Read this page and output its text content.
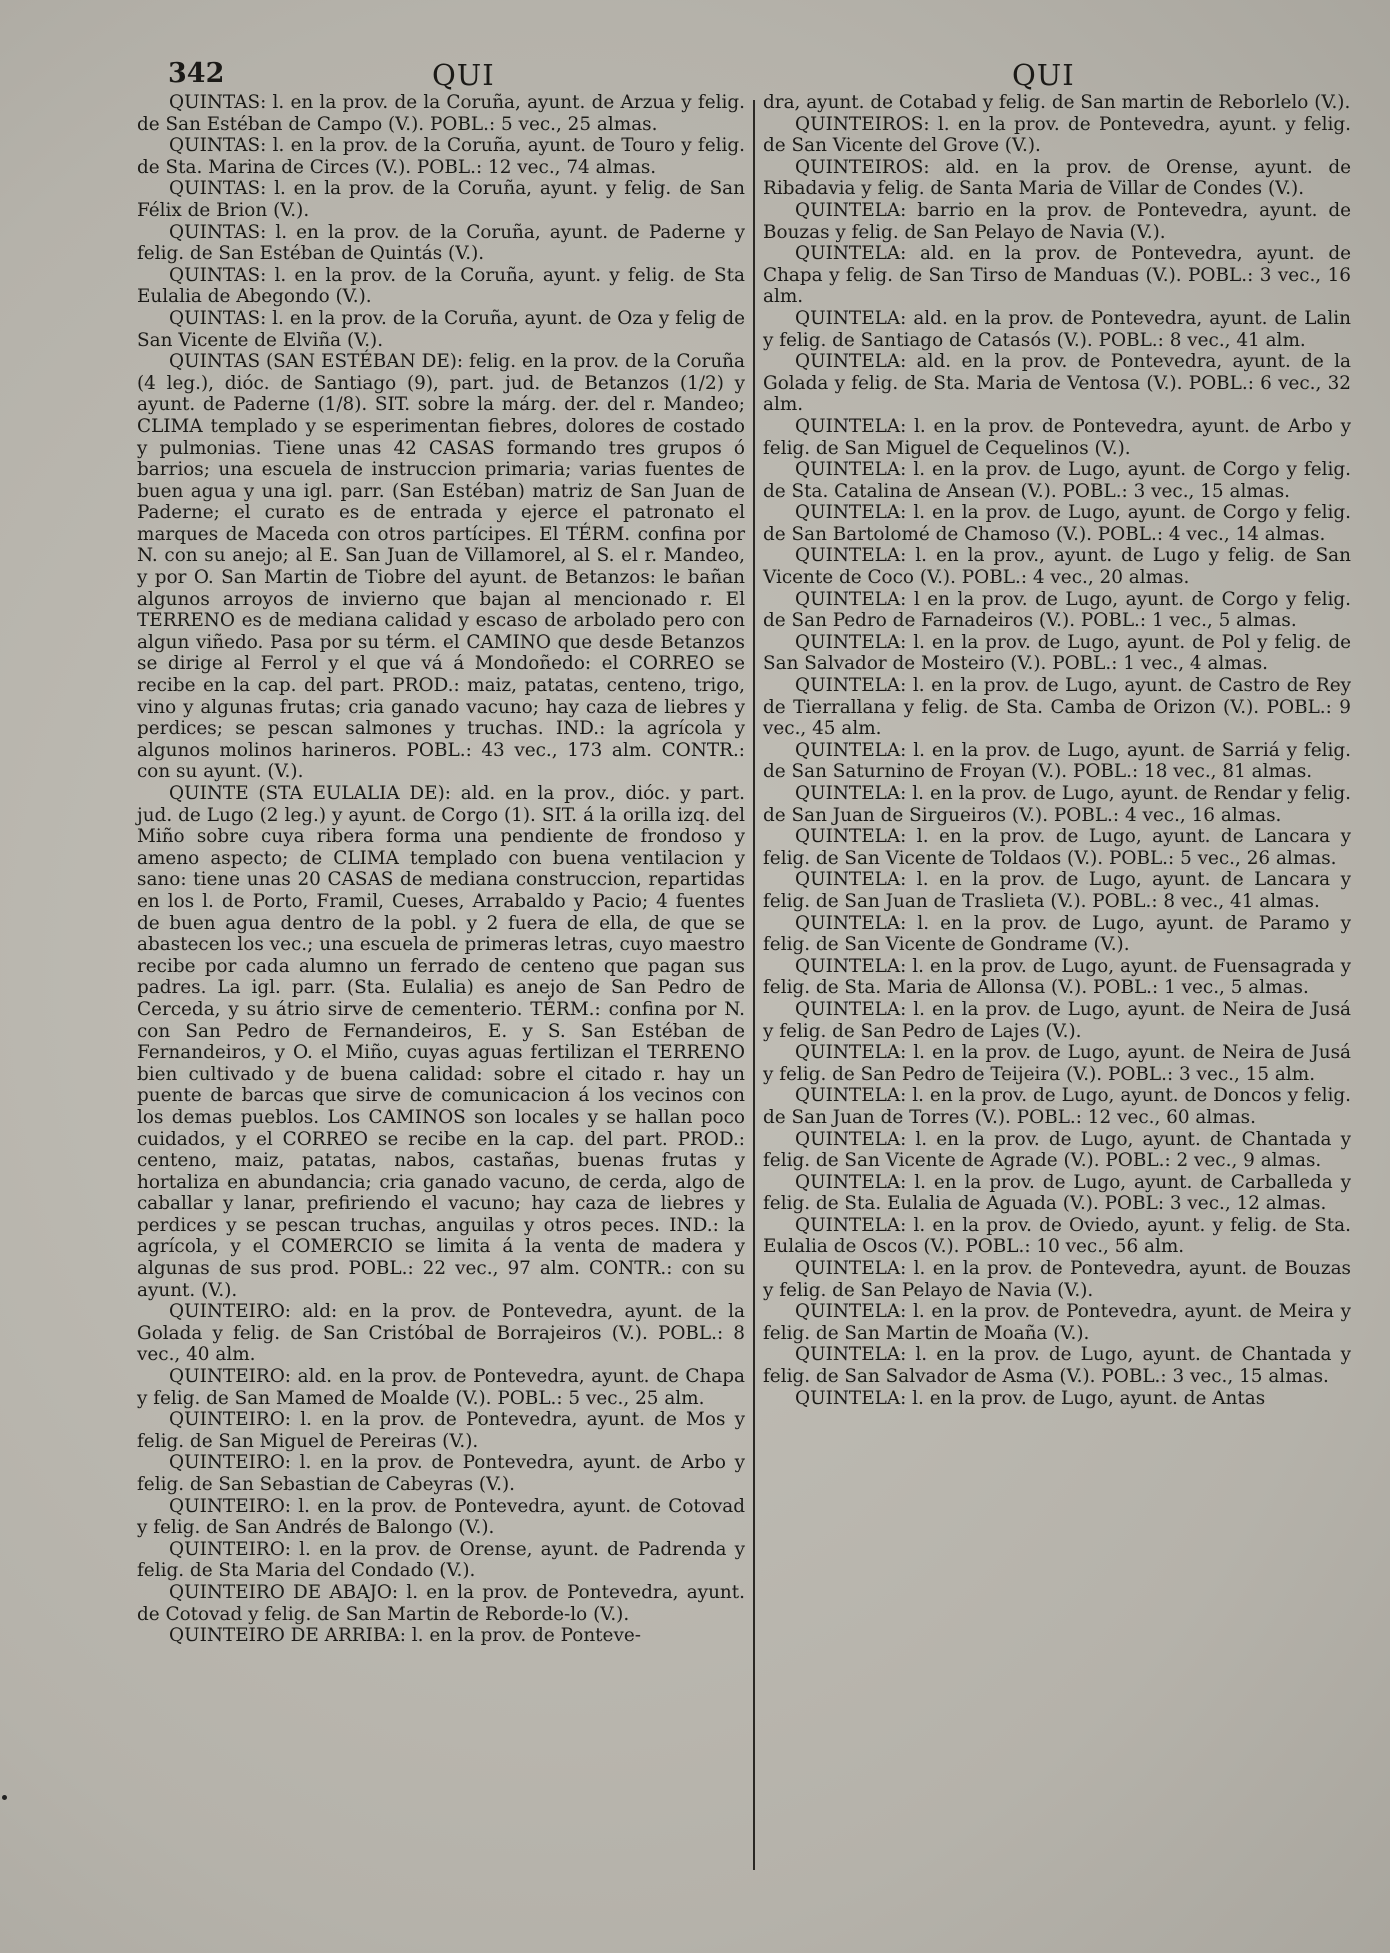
342	QUI	QUI

QUINTAS: l. en la prov. de la Coruña, ayunt. de Arzua y felig. de San Estéban de Campo (V.). POBL.: 5 vec., 25 almas.

QUINTAS: l. en la prov. de la Coruña, ayunt. de Touro y felig. de Sta. Marina de Circes (V.). POBL.: 12 vec., 74 almas.

QUINTAS: l. en la prov. de la Coruña, ayunt. y felig. de San Félix de Brion (V.).

QUINTAS: l. en la prov. de la Coruña, ayunt. de Paderne y felig. de San Estéban de Quintás (V.).

QUINTAS: l. en la prov. de la Coruña, ayunt. y felig. de Sta Eulalia de Abegondo (V.).

QUINTAS: l. en la prov. de la Coruña, ayunt. de Oza y felig de San Vicente de Elviña (V.).

QUINTAS (SAN ESTÉBAN DE): felig. en la prov. de la Coruña (4 leg.), dióc. de Santiago (9), part. jud. de Betanzos (1/2) y ayunt. de Paderne (1/8). SIT. sobre la márg. der. del r. Mandeo; CLIMA templado y se esperimentan fiebres, dolores de costado y pulmonias. Tiene unas 42 CASAS formando tres grupos ó barrios; una escuela de instruccion primaria; varias fuentes de buen agua y una igl. parr. (San Estéban) matriz de San Juan de Paderne; el curato es de entrada y ejerce el patronato el marques de Maceda con otros partícipes. El TÉRM. confina por N. con su anejo; al E. San Juan de Villamorel, al S. el r. Mandeo, y por O. San Martin de Tiobre del ayunt. de Betanzos: le bañan algunos arroyos de invierno que bajan al mencionado r. El TERRENO es de mediana calidad y escaso de arbolado pero con algun viñedo. Pasa por su térm. el CAMINO que desde Betanzos se dirige al Ferrol y el que vá á Mondoñedo: el CORREO se recibe en la cap. del part. PROD.: maiz, patatas, centeno, trigo, vino y algunas frutas; cria ganado vacuno; hay caza de liebres y perdices; se pescan salmones y truchas. IND.: la agrícola y algunos molinos harineros. POBL.: 43 vec., 173 alm. CONTR.: con su ayunt. (V.).

QUINTE (STA EULALIA DE): ald. en la prov., dióc. y part. jud. de Lugo (2 leg.) y ayunt. de Corgo (1). SIT. á la orilla izq. del Miño sobre cuya ribera forma una pendiente de frondoso y ameno aspecto; de CLIMA templado con buena ventilacion y sano: tiene unas 20 CASAS de mediana construccion, repartidas en los l. de Porto, Framil, Cueses, Arrabaldo y Pacio; 4 fuentes de buen agua dentro de la pobl. y 2 fuera de ella, de que se abastecen los vec.; una escuela de primeras letras, cuyo maestro recibe por cada alumno un ferrado de centeno que pagan sus padres. La igl. parr. (Sta. Eulalia) es anejo de San Pedro de Cerceda, y su átrio sirve de cementerio. TÉRM.: confina por N. con San Pedro de Fernandeiros, E. y S. San Estéban de Fernandeiros, y O. el Miño, cuyas aguas fertilizan el TERRENO bien cultivado y de buena calidad: sobre el citado r. hay un puente de barcas que sirve de comunicacion á los vecinos con los demas pueblos. Los CAMINOS son locales y se hallan poco cuidados, y el CORREO se recibe en la cap. del part. PROD.: centeno, maiz, patatas, nabos, castañas, buenas frutas y hortaliza en abundancia; cria ganado vacuno, de cerda, algo de caballar y lanar, prefiriendo el vacuno; hay caza de liebres y perdices y se pescan truchas, anguilas y otros peces. IND.: la agrícola, y el COMERCIO se limita á la venta de madera y algunas de sus prod. POBL.: 22 vec., 97 alm. CONTR.: con su ayunt. (V.).

QUINTEIRO: ald: en la prov. de Pontevedra, ayunt. de la Golada y felig. de San Cristóbal de Borrajeiros (V.). POBL.: 8 vec., 40 alm.

QUINTEIRO: ald. en la prov. de Pontevedra, ayunt. de Chapa y felig. de San Mamed de Moalde (V.). POBL.: 5 vec., 25 alm.

QUINTEIRO: l. en la prov. de Pontevedra, ayunt. de Mos y felig. de San Miguel de Pereiras (V.).

QUINTEIRO: l. en la prov. de Pontevedra, ayunt. de Arbo y felig. de San Sebastian de Cabeyras (V.).

QUINTEIRO: l. en la prov. de Pontevedra, ayunt. de Cotovad y felig. de San Andrés de Balongo (V.).

QUINTEIRO: l. en la prov. de Orense, ayunt. de Padrenda y felig. de Sta Maria del Condado (V.).

QUINTEIRO DE ABAJO: l. en la prov. de Pontevedra, ayunt. de Cotovad y felig. de San Martin de Reborde-lo (V.).

QUINTEIRO DE ARRIBA: l. en la prov. de Ponteve-

dra, ayunt. de Cotabad y felig. de San martin de Reborlelo (V.).

QUINTEIROS: l. en la prov. de Pontevedra, ayunt. y felig. de San Vicente del Grove (V.).

QUINTEIROS: ald. en la prov. de Orense, ayunt. de Ribadavia y felig. de Santa Maria de Villar de Condes (V.).

QUINTELA: barrio en la prov. de Pontevedra, ayunt. de Bouzas y felig. de San Pelayo de Navia (V.).

QUINTELA: ald. en la prov. de Pontevedra, ayunt. de Chapa y felig. de San Tirso de Manduas (V.). POBL.: 3 vec., 16 alm.

QUINTELA: ald. en la prov. de Pontevedra, ayunt. de Lalin y felig. de Santiago de Catasós (V.). POBL.: 8 vec., 41 alm.

QUINTELA: ald. en la prov. de Pontevedra, ayunt. de la Golada y felig. de Sta. Maria de Ventosa (V.). POBL.: 6 vec., 32 alm.

QUINTELA: l. en la prov. de Pontevedra, ayunt. de Arbo y felig. de San Miguel de Cequelinos (V.).

QUINTELA: l. en la prov. de Lugo, ayunt. de Corgo y felig. de Sta. Catalina de Ansean (V.). POBL.: 3 vec., 15 almas.

QUINTELA: l. en la prov. de Lugo, ayunt. de Corgo y felig. de San Bartolomé de Chamoso (V.). POBL.: 4 vec., 14 almas.

QUINTELA: l. en la prov., ayunt. de Lugo y felig. de San Vicente de Coco (V.). POBL.: 4 vec., 20 almas.

QUINTELA: l en la prov. de Lugo, ayunt. de Corgo y felig. de San Pedro de Farnadeiros (V.). POBL.: 1 vec., 5 almas.

QUINTELA: l. en la prov. de Lugo, ayunt. de Pol y felig. de San Salvador de Mosteiro (V.). POBL.: 1 vec., 4 almas.

QUINTELA: l. en la prov. de Lugo, ayunt. de Castro de Rey de Tierrallana y felig. de Sta. Camba de Orizon (V.). POBL.: 9 vec., 45 alm.

QUINTELA: l. en la prov. de Lugo, ayunt. de Sarriá y felig. de San Saturnino de Froyan (V.). POBL.: 18 vec., 81 almas.

QUINTELA: l. en la prov. de Lugo, ayunt. de Rendar y felig. de San Juan de Sirgueiros (V.). POBL.: 4 vec., 16 almas.

QUINTELA: l. en la prov. de Lugo, ayunt. de Lancara y felig. de San Vicente de Toldaos (V.). POBL.: 5 vec., 26 almas.

QUINTELA: l. en la prov. de Lugo, ayunt. de Lancara y felig. de San Juan de Traslieta (V.). POBL.: 8 vec., 41 almas.

QUINTELA: l. en la prov. de Lugo, ayunt. de Paramo y felig. de San Vicente de Gondrame (V.).

QUINTELA: l. en la prov. de Lugo, ayunt. de Fuensagrada y felig. de Sta. Maria de Allonsa (V.). POBL.: 1 vec., 5 almas.

QUINTELA: l. en la prov. de Lugo, ayunt. de Neira de Jusá y felig. de San Pedro de Lajes (V.).

QUINTELA: l. en la prov. de Lugo, ayunt. de Neira de Jusá y felig. de San Pedro de Teijeira (V.). POBL.: 3 vec., 15 alm.

QUINTELA: l. en la prov. de Lugo, ayunt. de Doncos y felig. de San Juan de Torres (V.). POBL.: 12 vec., 60 almas.

QUINTELA: l. en la prov. de Lugo, ayunt. de Chantada y felig. de San Vicente de Agrade (V.). POBL.: 2 vec., 9 almas.

QUINTELA: l. en la prov. de Lugo, ayunt. de Carballeda y felig. de Sta. Eulalia de Aguada (V.). POBL: 3 vec., 12 almas.

QUINTELA: l. en la prov. de Oviedo, ayunt. y felig. de Sta. Eulalia de Oscos (V.). POBL.: 10 vec., 56 alm.

QUINTELA: l. en la prov. de Pontevedra, ayunt. de Bouzas y felig. de San Pelayo de Navia (V.).

QUINTELA: l. en la prov. de Pontevedra, ayunt. de Meira y felig. de San Martin de Moaña (V.).

QUINTELA: l. en la prov. de Lugo, ayunt. de Chantada y felig. de San Salvador de Asma (V.). POBL.: 3 vec., 15 almas.

QUINTELA: l. en la prov. de Lugo, ayunt. de Antas
